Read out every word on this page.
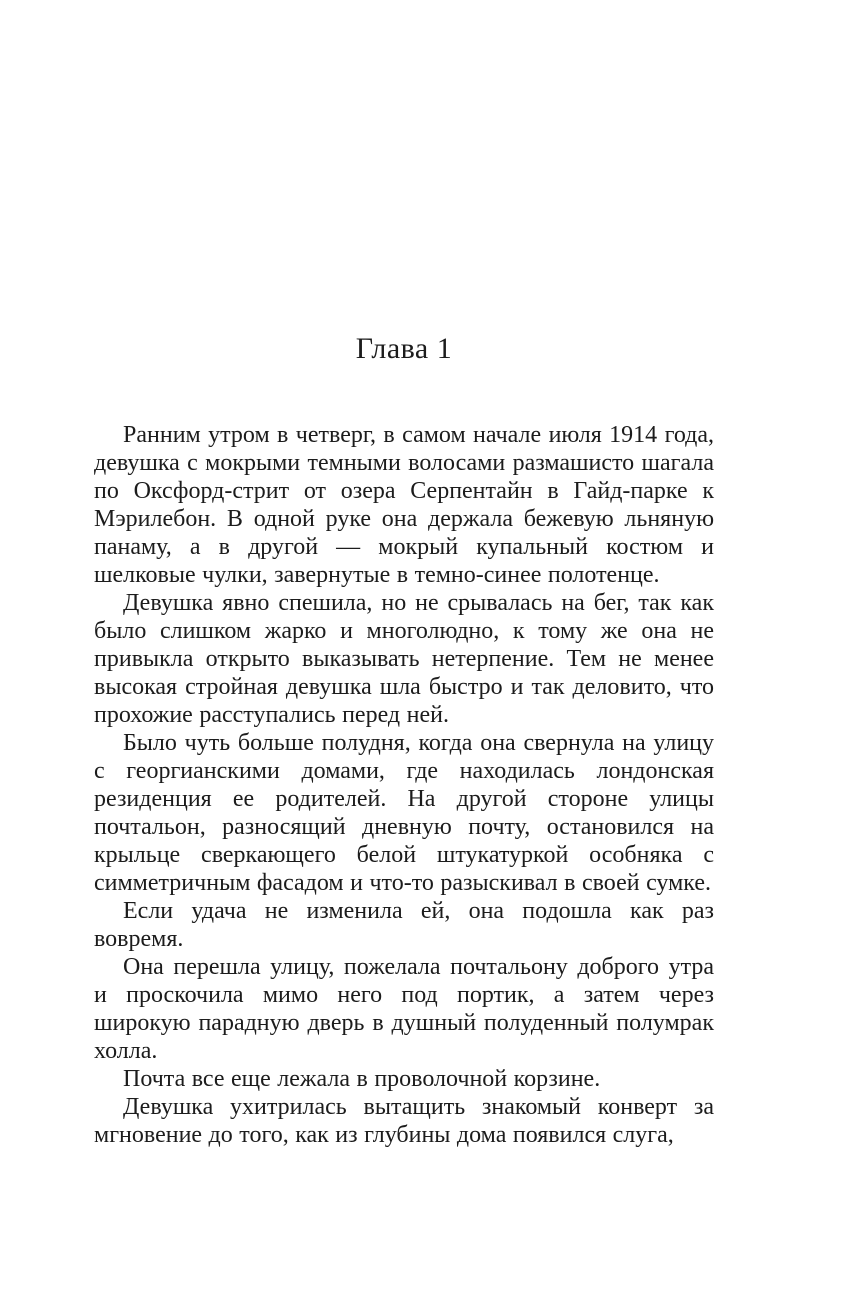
Глава 1

Ранним утром в четверг, в самом начале июля 1914 года, девушка с мокрыми темными волосами размашисто шагала по Оксфорд-стрит от озера Серпентайн в Гайд-парке к Мэрилебон. В одной руке она держала бежевую льняную панаму, а в другой — мокрый купальный костюм и шелковые чулки, завернутые в темно-синее полотенце.

Девушка явно спешила, но не срывалась на бег, так как было слишком жарко и многолюдно, к тому же она не привыкла открыто выказывать нетерпение. Тем не менее высокая стройная девушка шла быстро и так деловито, что прохожие расступались перед ней.

Было чуть больше полудня, когда она свернула на улицу с георгианскими домами, где находилась лондонская резиденция ее родителей. На другой стороне улицы почтальон, разносящий дневную почту, остановился на крыльце сверкающего белой штукатуркой особняка с симметричным фасадом и что-то разыскивал в своей сумке.

Если удача не изменила ей, она подошла как раз вовремя.

Она перешла улицу, пожелала почтальону доброго утра и проскочила мимо него под портик, а затем через широкую парадную дверь в душный полуденный полумрак холла.

Почта все еще лежала в проволочной корзине.

Девушка ухитрилась вытащить знакомый конверт за мгновение до того, как из глубины дома появился слуга,
